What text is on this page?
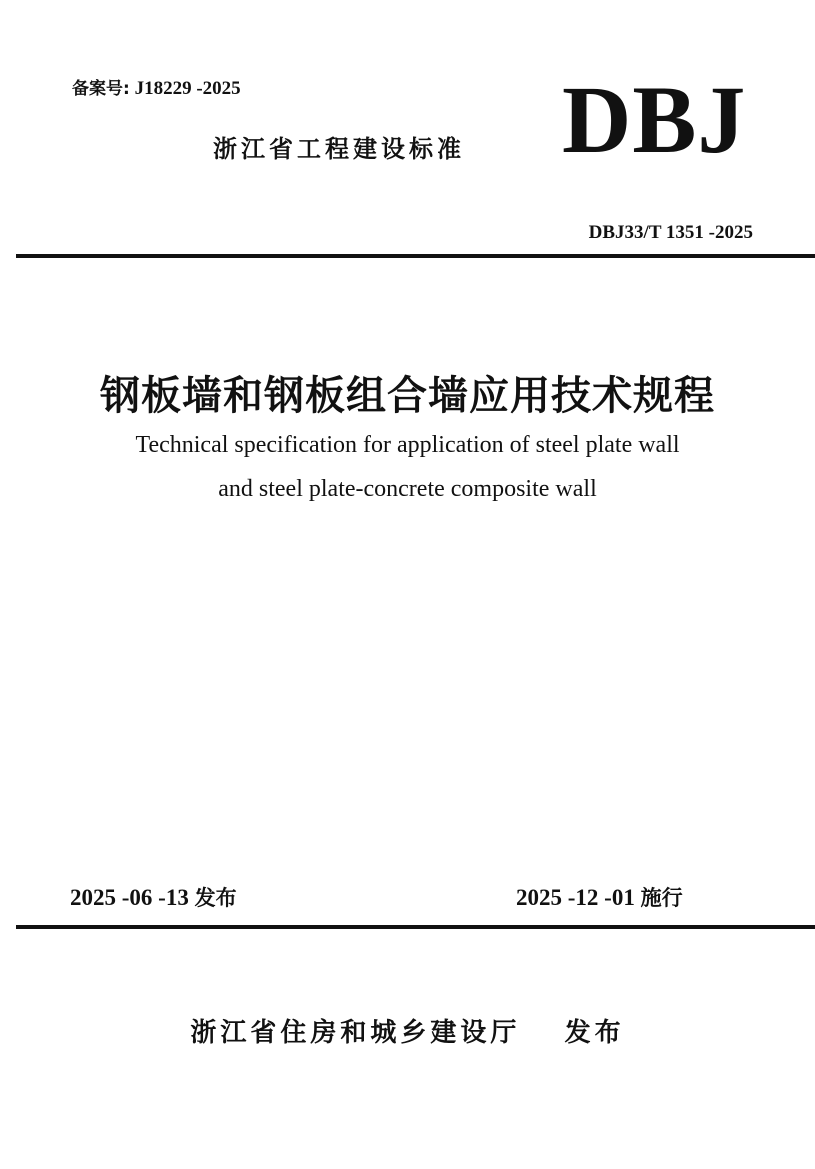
备案号: J18229 -2025
浙江省工程建设标准 DBJ
DBJ33/T 1351 -2025
钢板墙和钢板组合墙应用技术规程
Technical specification for application of steel plate wall
and steel plate-concrete composite wall
2025 -06 -13 发布	2025 -12 -01 施行
浙江省住房和城乡建设厅 发布
